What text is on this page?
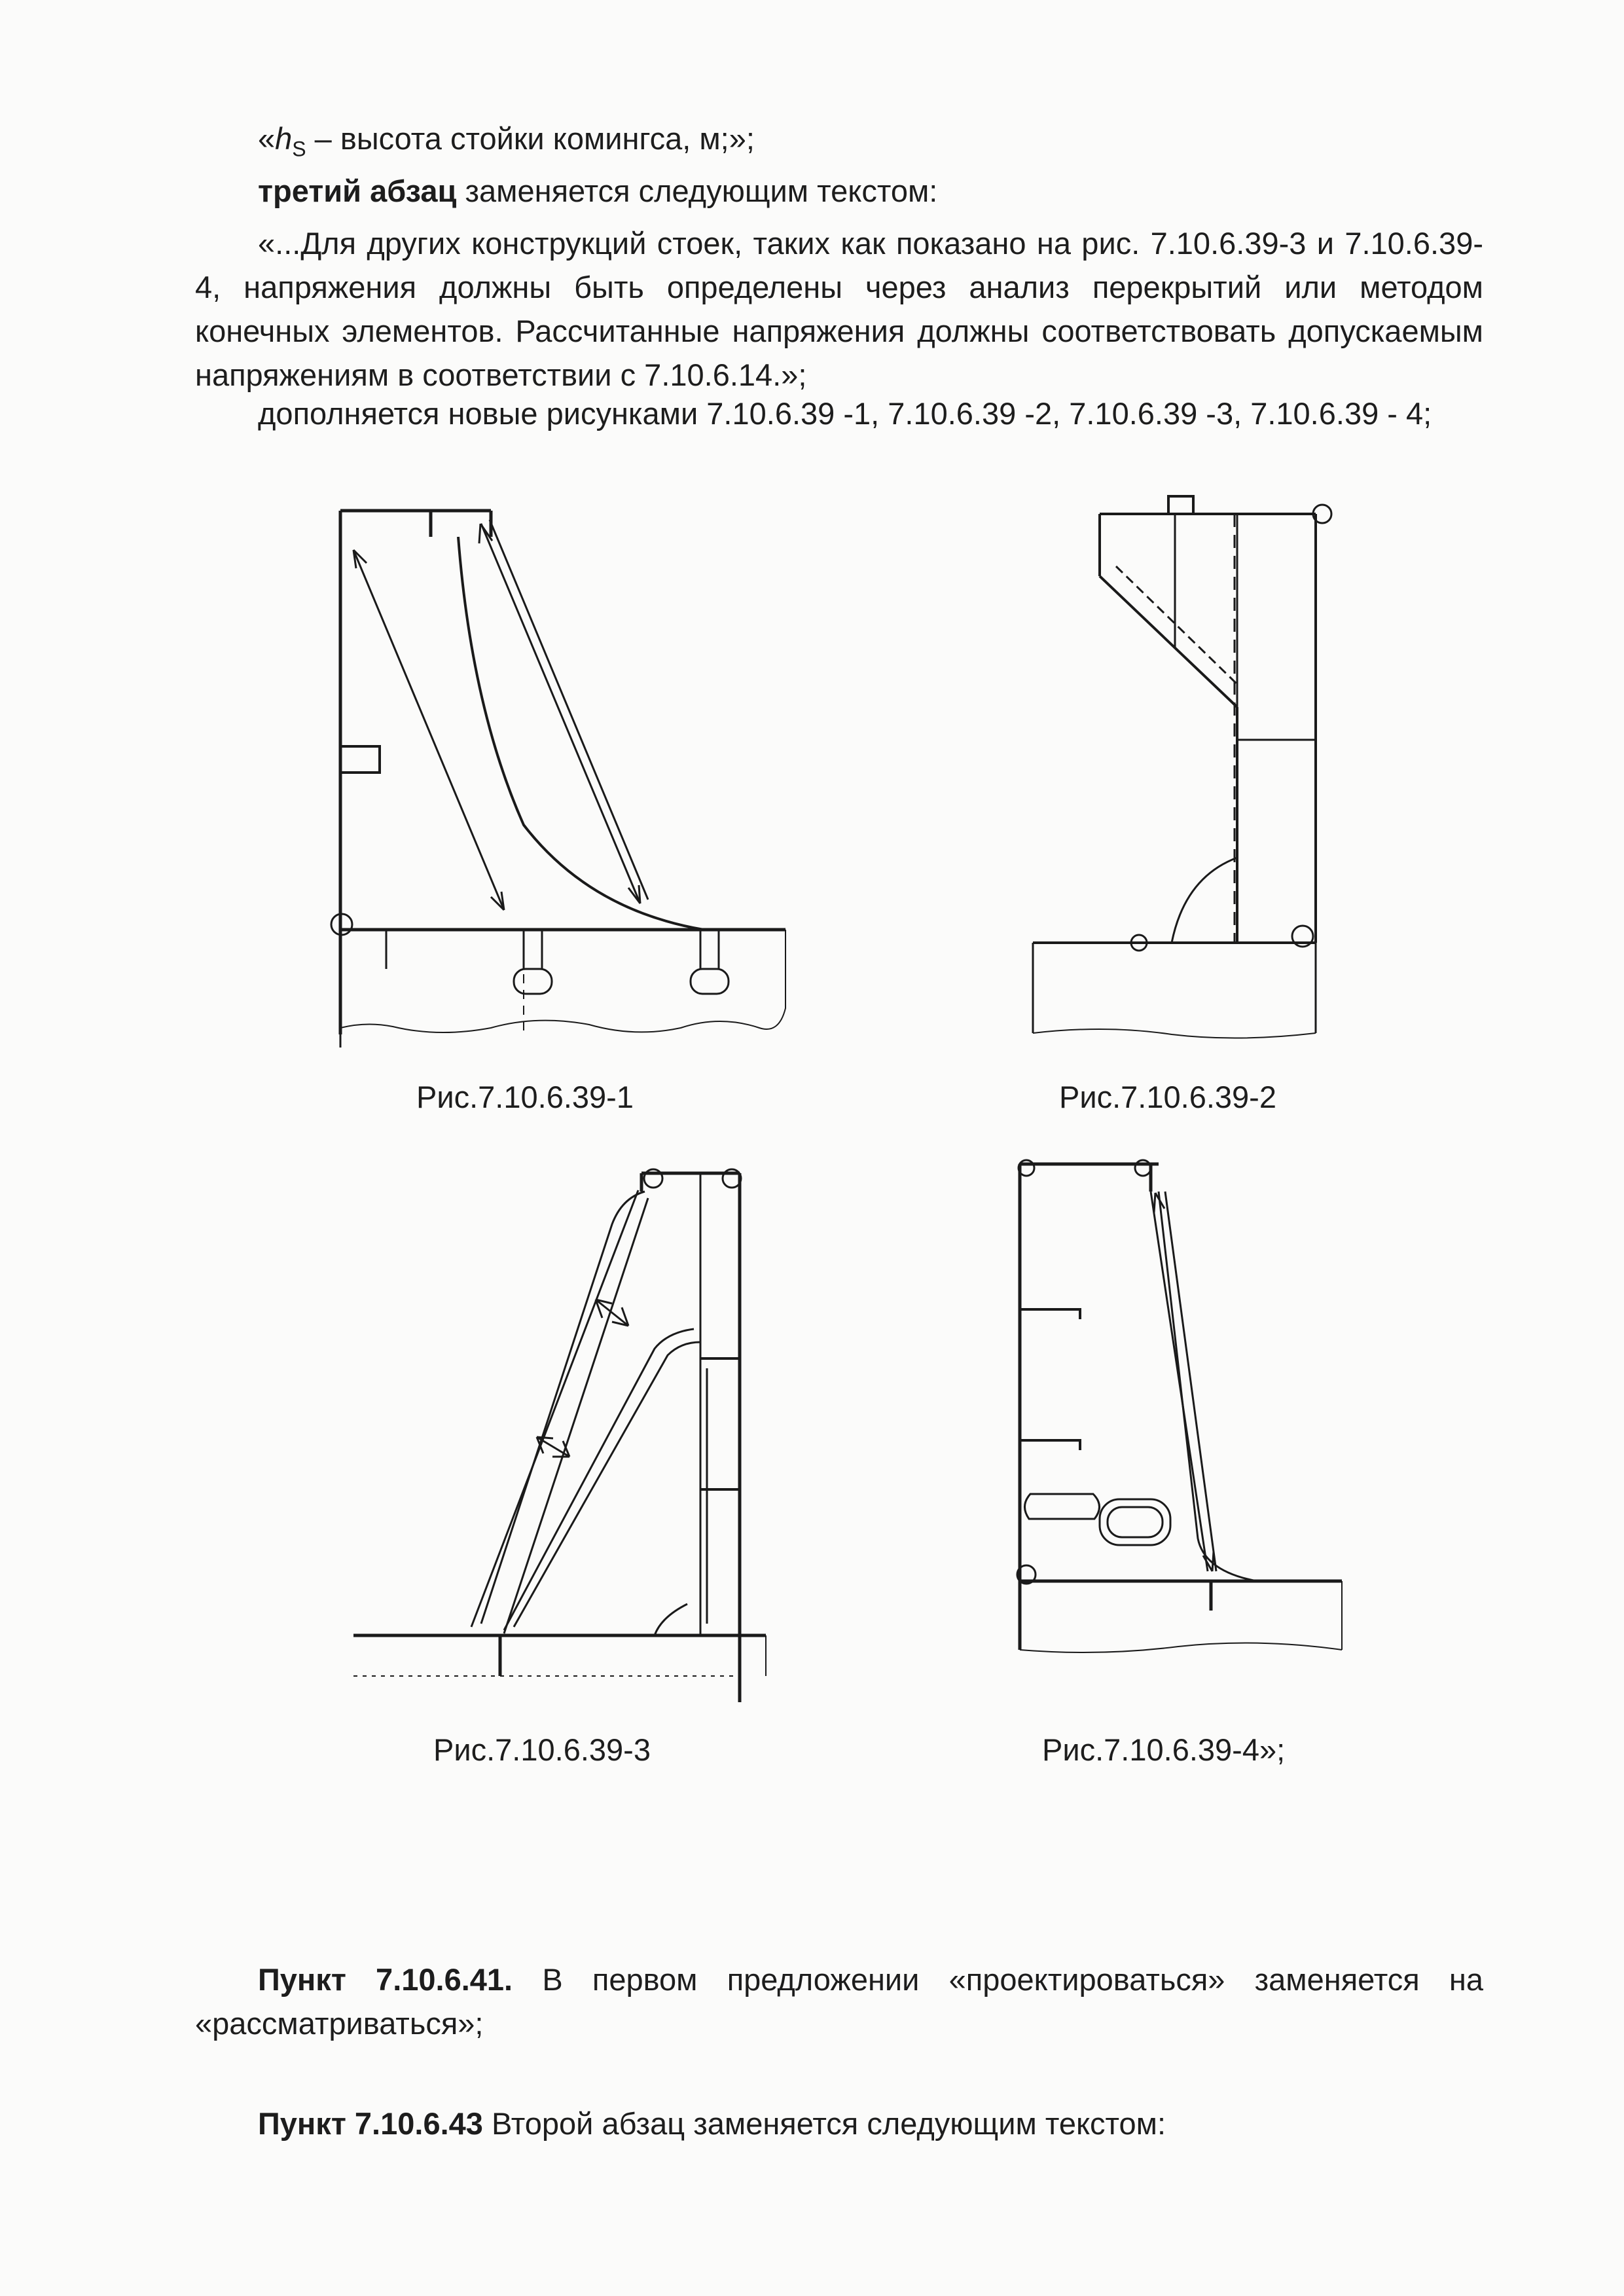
«$h_S$ – высота стойки комингса, м;»;

третий абзац заменяется следующим текстом:

«...Для других конструкций стоек, таких как показано на рис. 7.10.6.39-3 и 7.10.6.39-4, напряжения должны быть определены через анализ перекрытий или методом конечных элементов. Рассчитанные напряжения должны соответствовать допускаемым напряжениям в соответствии с 7.10.6.14.»;

дополняется новые рисунками 7.10.6.39 -1, 7.10.6.39 -2, 7.10.6.39 -3, 7.10.6.39 - 4;

Рис.7.10.6.39-1	Рис.7.10.6.39-2
Рис.7.10.6.39-3	Рис.7.10.6.39-4»;

Пункт 7.10.6.41. В первом предложении «проектироваться» заменяется на «рассматриваться»;

Пункт 7.10.6.43 Второй абзац заменяется следующим текстом:
